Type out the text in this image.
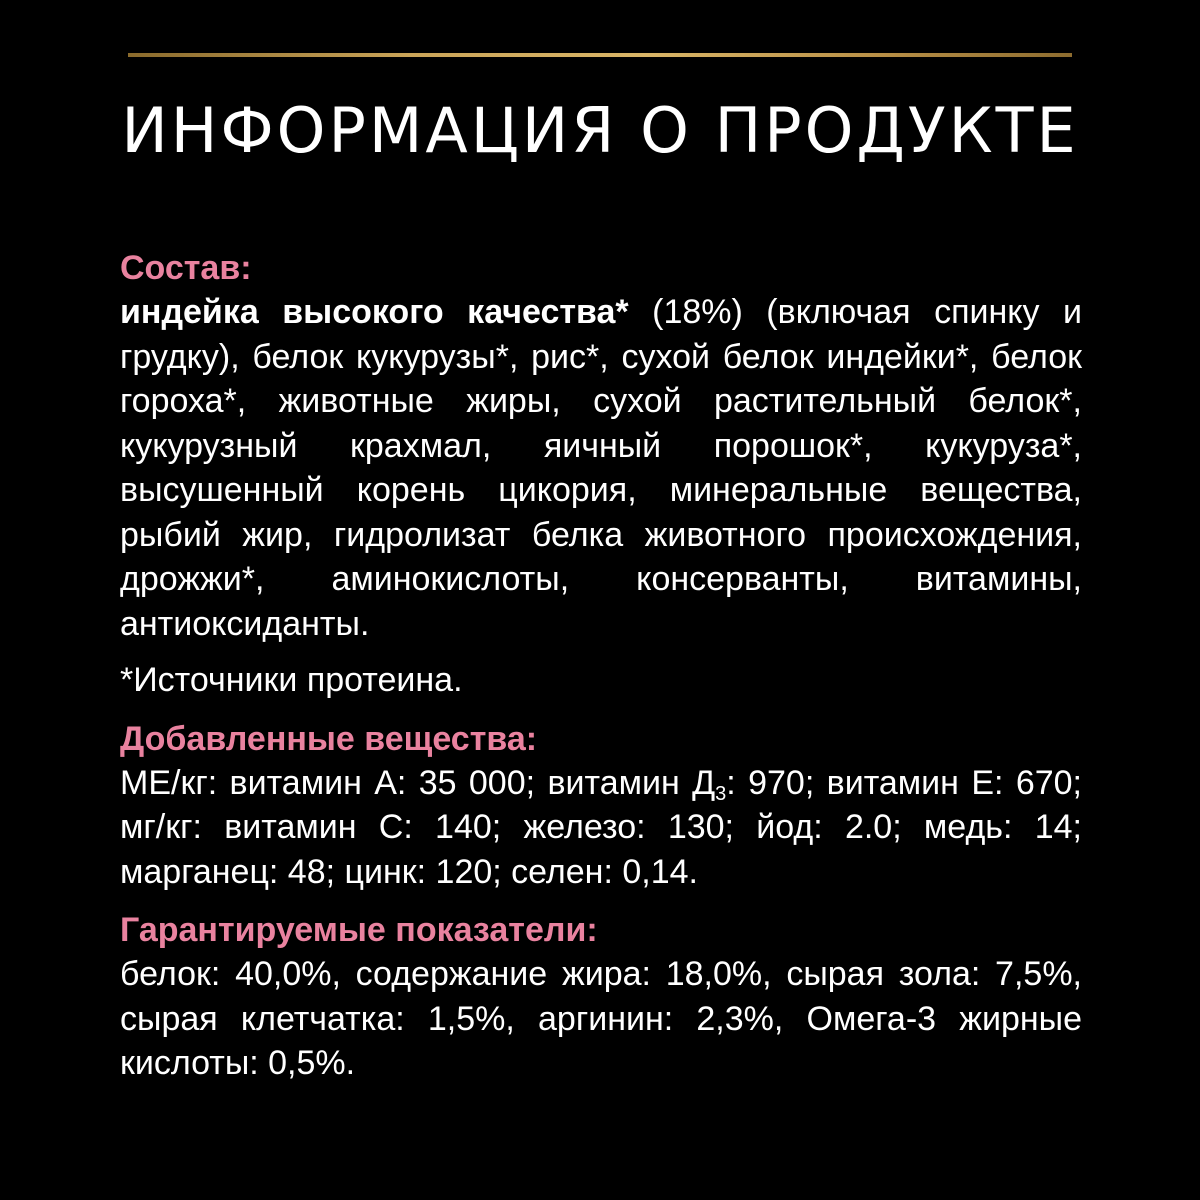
ИНФОРМАЦИЯ О ПРОДУКТЕ
Состав:

индейка высокого качества* (18%) (включая спинку и грудку), белок кукурузы*, рис*, сухой белок индейки*, белок гороха*, животные жиры, сухой растительный белок*, кукурузный крахмал, яичный порошок*, кукуруза*, высушенный корень цикория, минеральные вещества, рыбий жир, гидролизат белка животного происхождения, дрожжи*, аминокислоты, консерванты, витамины, антиоксиданты.

*Источники протеина.

Добавленные вещества:

МЕ/кг: витамин А: 35 000; витамин $Д_3$: 970; витамин Е: 670; мг/кг: витамин С: 140; железо: 130; йод: 2.0; медь: 14; марганец: 48; цинк: 120; селен: 0,14.

Гарантируемые показатели:

белок: 40,0%, содержание жира: 18,0%, сырая зола: 7,5%, сырая клетчатка: 1,5%, аргинин: 2,3%, Омега-3 жирные кислоты: 0,5%.
